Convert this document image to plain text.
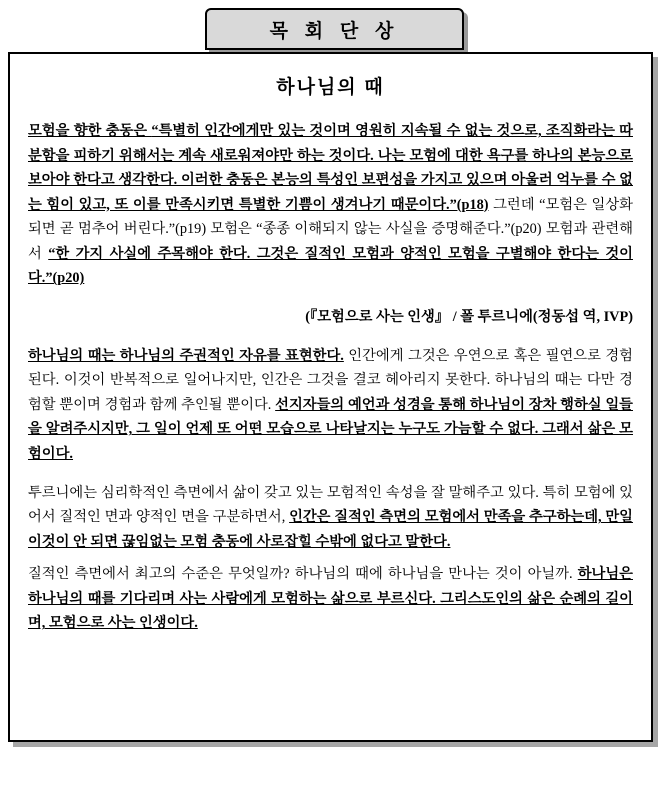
목 회 단 상
하나님의 때

모험을 향한 충동은 “특별히 인간에게만 있는 것이며 영원히 지속될 수 없는 것으로, 조직화라는 따분함을 피하기 위해서는 계속 새로워져야만 하는 것이다. 나는 모험에 대한 욕구를 하나의 본능으로 보아야 한다고 생각한다. 이러한 충동은 본능의 특성인 보편성을 가지고 있으며 아울러 억누를 수 없는 힘이 있고, 또 이를 만족시키면 특별한 기쁨이 생겨나기 때문이다.”(p18) 그런데 “모험은 일상화되면 곧 멈추어 버린다.”(p19) 모험은 “종종 이해되지 않는 사실을 증명해준다.”(p20) 모험과 관련해서 “한 가지 사실에 주목해야 한다. 그것은 질적인 모험과 양적인 모험을 구별해야 한다는 것이다.”(p20)

(『모험으로 사는 인생』 / 폴 투르니에(정동섭 역, IVP)

하나님의 때는 하나님의 주권적인 자유를 표현한다. 인간에게 그것은 우연으로 혹은 필연으로 경험된다. 이것이 반복적으로 일어나지만, 인간은 그것을 결코 헤아리지 못한다. 하나님의 때는 다만 경험할 뿐이며 경험과 함께 추인될 뿐이다. 선지자들의 예언과 성경을 통해 하나님이 장차 행하실 일들을 알려주시지만, 그 일이 언제 또 어떤 모습으로 나타날지는 누구도 가늠할 수 없다. 그래서 삶은 모험이다.

투르니에는 심리학적인 측면에서 삶이 갖고 있는 모험적인 속성을 잘 말해주고 있다. 특히 모험에 있어서 질적인 면과 양적인 면을 구분하면서, 인간은 질적인 측면의 모험에서 만족을 추구하는데, 만일 이것이 안 되면 끊임없는 모험 충동에 사로잡힐 수밖에 없다고 말한다.

질적인 측면에서 최고의 수준은 무엇일까? 하나님의 때에 하나님을 만나는 것이 아닐까. 하나님은 하나님의 때를 기다리며 사는 사람에게 모험하는 삶으로 부르신다. 그리스도인의 삶은 순례의 길이며, 모험으로 사는 인생이다.
